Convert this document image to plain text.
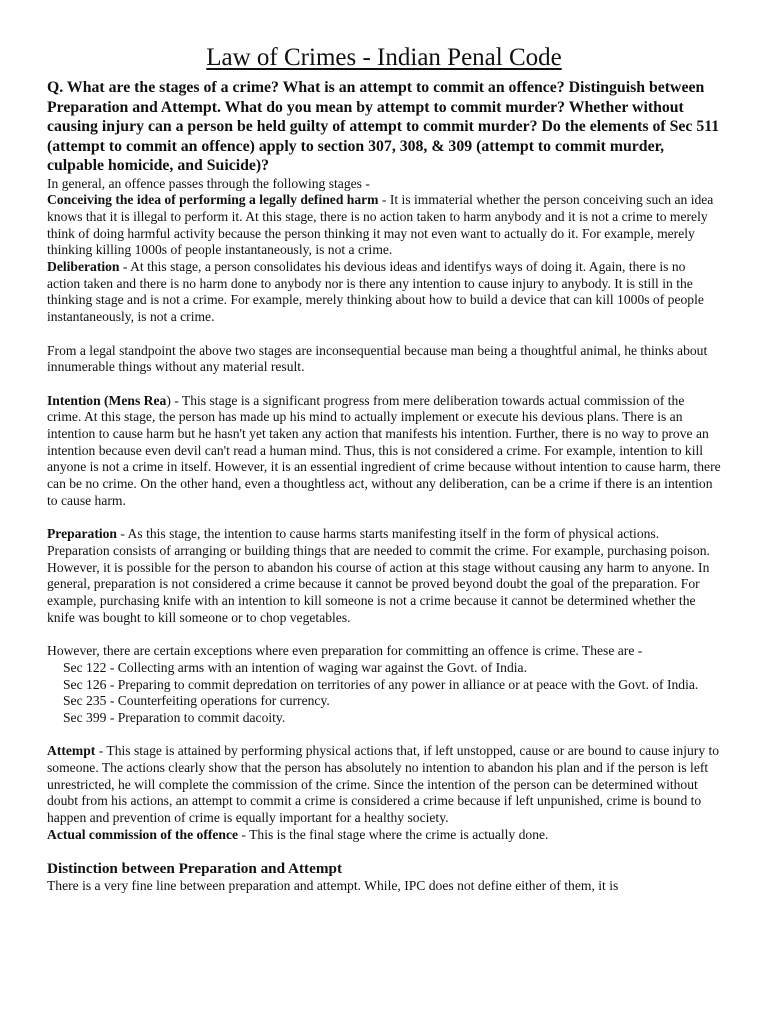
Law of Crimes - Indian Penal Code

Q. What are the stages of a crime? What is an attempt to commit an offence? Distinguish between Preparation and Attempt. What do you mean by attempt to commit murder? Whether without causing injury can a person be held guilty of attempt to commit murder? Do the elements of Sec 511 (attempt to commit an offence) apply to section 307, 308, & 309 (attempt to commit murder, culpable homicide, and Suicide)?

In general, an offence passes through the following stages -

Conceiving the idea of performing a legally defined harm - It is immaterial whether the person conceiving such an idea knows that it is illegal to perform it. At this stage, there is no action taken to harm anybody and it is not a crime to merely think of doing harmful activity because the person thinking it may not even want to actually do it. For example, merely thinking killing 1000s of people instantaneously, is not a crime.

Deliberation - At this stage, a person consolidates his devious ideas and identifys ways of doing it. Again, there is no action taken and there is no harm done to anybody nor is there any intention to cause injury to anybody. It is still in the thinking stage and is not a crime. For example, merely thinking about how to build a device that can kill 1000s of people instantaneously, is not a crime.

From a legal standpoint the above two stages are inconsequential because man being a thoughtful animal, he thinks about innumerable things without any material result.

Intention (Mens Rea) - This stage is a significant progress from mere deliberation towards actual commission of the crime. At this stage, the person has made up his mind to actually implement or execute his devious plans. There is an intention to cause harm but he hasn't yet taken any action that manifests his intention. Further, there is no way to prove an intention because even devil can't read a human mind. Thus, this is not considered a crime. For example, intention to kill anyone is not a crime in itself. However, it is an essential ingredient of crime because without intention to cause harm, there can be no crime. On the other hand, even a thoughtless act, without any deliberation, can be a crime if there is an intention to cause harm.

Preparation - As this stage, the intention to cause harms starts manifesting itself in the form of physical actions. Preparation consists of arranging or building things that are needed to commit the crime. For example, purchasing poison. However, it is possible for the person to abandon his course of action at this stage without causing any harm to anyone. In general, preparation is not considered a crime because it cannot be proved beyond doubt the goal of the preparation. For example, purchasing knife with an intention to kill someone is not a crime because it cannot be determined whether the knife was bought to kill someone or to chop vegetables.

However, there are certain exceptions where even preparation for committing an offence is crime. These are -

Sec 122 - Collecting arms with an intention of waging war against the Govt. of India.
Sec 126 - Preparing to commit depredation on territories of any power in alliance or at peace with the Govt. of India.
Sec 235 - Counterfeiting operations for currency.
Sec 399 - Preparation to commit dacoity.

Attempt - This stage is attained by performing physical actions that, if left unstopped, cause or are bound to cause injury to someone. The actions clearly show that the person has absolutely no intention to abandon his plan and if the person is left unrestricted, he will complete the commission of the crime. Since the intention of the person can be determined without doubt from his actions, an attempt to commit a crime is considered a crime because if left unpunished, crime is bound to happen and prevention of crime is equally important for a healthy society.

Actual commission of the offence - This is the final stage where the crime is actually done.

Distinction between Preparation and Attempt

There is a very fine line between preparation and attempt. While, IPC does not define either of them, it is
